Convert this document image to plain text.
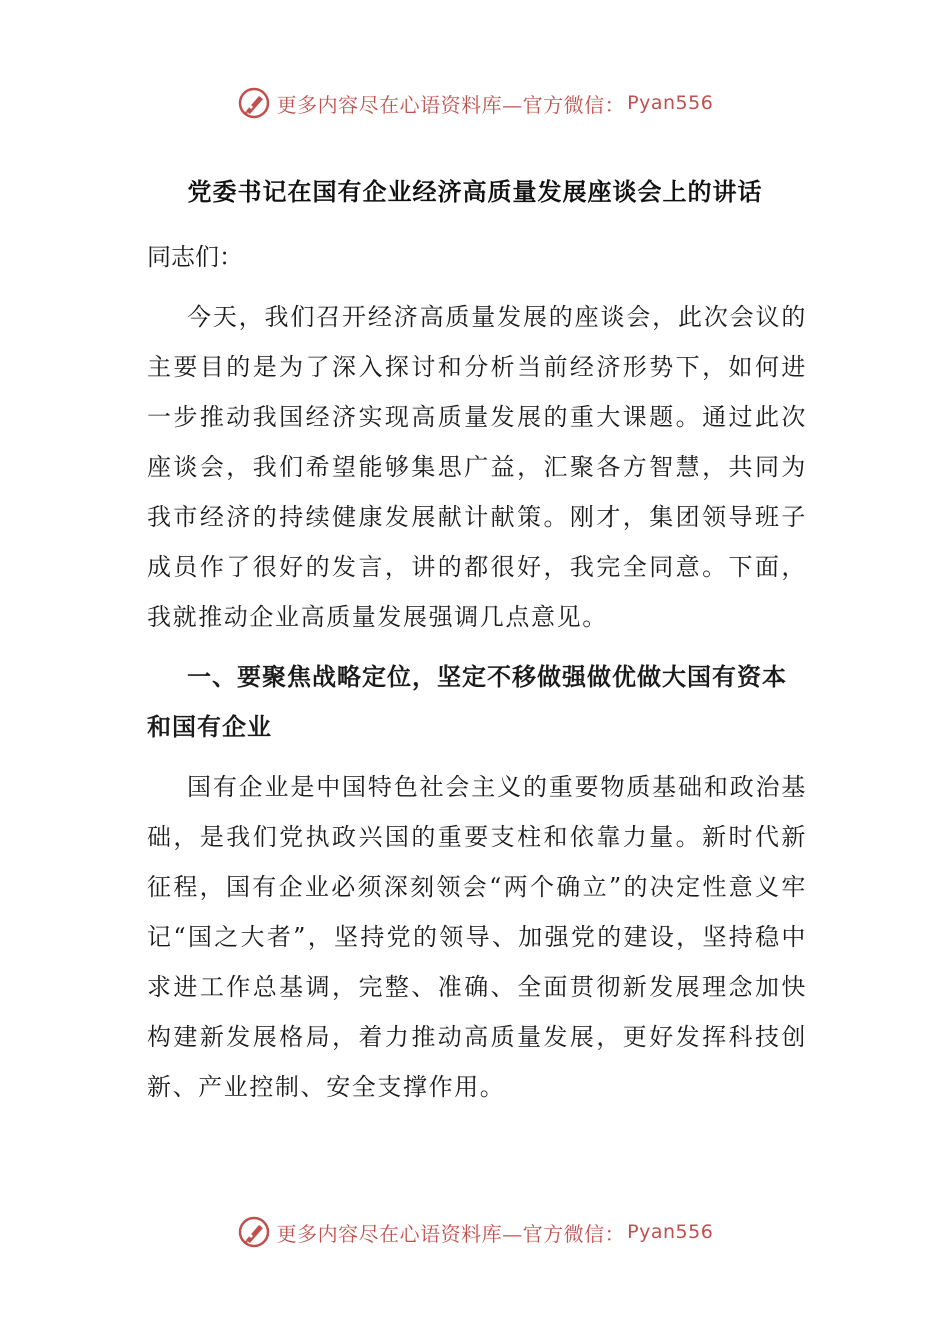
更多内容尽在心语资料库—官方微信： Pyan556
党委书记在国有企业经济高质量发展座谈会上的讲话

同志们：

今天，我们召开经济高质量发展的座谈会，此次会议的主要目的是为了深入探讨和分析当前经济形势下，如何进一步推动我国经济实现高质量发展的重大课题。通过此次座谈会，我们希望能够集思广益，汇聚各方智慧，共同为我市经济的持续健康发展献计献策。刚才，集团领导班子成员作了很好的发言，讲的都很好，我完全同意。下面，我就推动企业高质量发展强调几点意见。

一、要聚焦战略定位，坚定不移做强做优做大国有资本和国有企业

国有企业是中国特色社会主义的重要物质基础和政治基础，是我们党执政兴国的重要支柱和依靠力量。新时代新征程，国有企业必须深刻领会“两个确立”的决定性意义牢记“国之大者”，坚持党的领导、加强党的建设，坚持稳中求进工作总基调，完整、准确、全面贯彻新发展理念加快构建新发展格局，着力推动高质量发展，更好发挥科技创新、产业控制、安全支撑作用。

更多内容尽在心语资料库—官方微信： Pyan556
